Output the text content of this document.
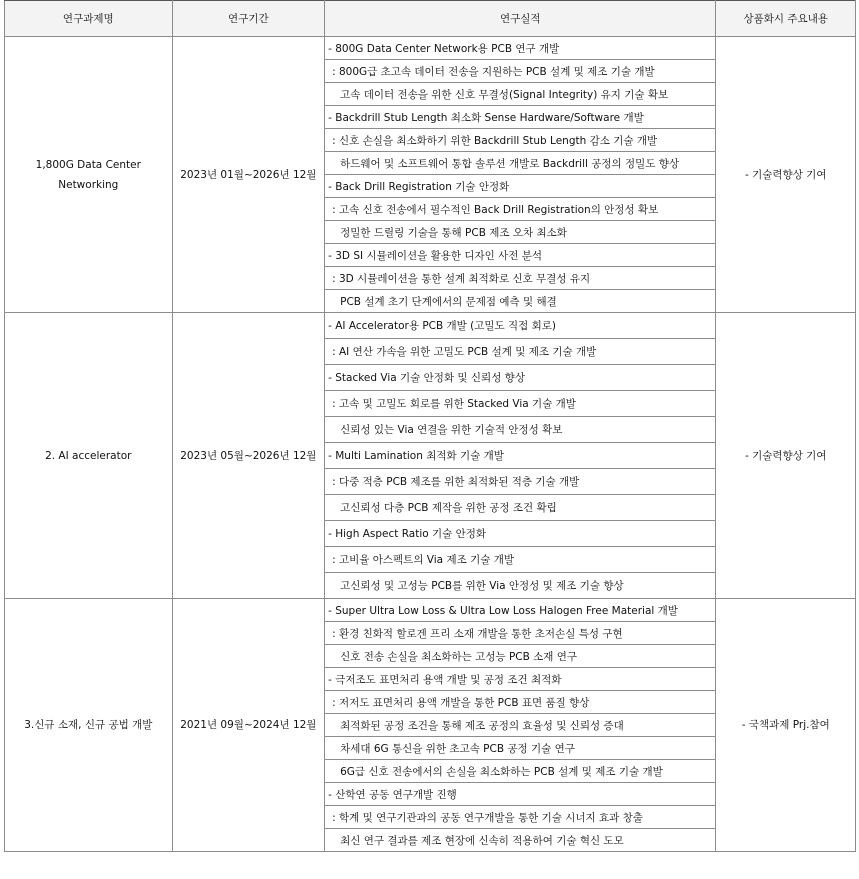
연구과제명	연구기간	연구실적	상품화시 주요내용
1,800G Data Center Networking	2023년 01월~2026년 12월	- 800G Data Center Network용 PCB 연구 개발	- 기술력향상 기여
		: 800G급 초고속 데이터 전송을 지원하는 PCB 설계 및 제조 기술 개발	
		고속 데이터 전송을 위한 신호 무결성(Signal Integrity) 유지 기술 확보	
		- Backdrill Stub Length 최소화 Sense Hardware/Software 개발	
		: 신호 손실을 최소화하기 위한 Backdrill Stub Length 감소 기술 개발	
		하드웨어 및 소프트웨어 통합 솔루션 개발로 Backdrill 공정의 정밀도 향상	
		- Back Drill Registration 기술 안정화	
		: 고속 신호 전송에서 필수적인 Back Drill Registration의 안정성 확보	
		정밀한 드릴링 기술을 통해 PCB 제조 오차 최소화	
		- 3D SI 시뮬레이션을 활용한 디자인 사전 분석	
		: 3D 시뮬레이션을 통한 설계 최적화로 신호 무결성 유지	
		PCB 설계 초기 단계에서의 문제점 예측 및 해결	
2. AI accelerator	2023년 05월~2026년 12월	- AI Accelerator용 PCB 개발 (고밀도 직접 회로)	- 기술력향상 기여
		: AI 연산 가속을 위한 고밀도 PCB 설계 및 제조 기술 개발	
		- Stacked Via 기술 안정화 및 신뢰성 향상	
		: 고속 및 고밀도 회로를 위한 Stacked Via 기술 개발	
		신뢰성 있는 Via 연결을 위한 기술적 안정성 확보	
		- Multi Lamination 최적화 기술 개발	
		: 다중 적층 PCB 제조를 위한 최적화된 적층 기술 개발	
		고신뢰성 다층 PCB 제작을 위한 공정 조건 확립	
		- High Aspect Ratio 기술 안정화	
		: 고비율 아스펙트의 Via 제조 기술 개발	
		고신뢰성 및 고성능 PCB를 위한 Via 안정성 및 제조 기술 향상	
3.신규 소재, 신규 공법 개발	2021년 09월~2024년 12월	- Super Ultra Low Loss & Ultra Low Loss Halogen Free Material 개발	- 국책과제 Prj.참여
		: 환경 친화적 할로겐 프리 소재 개발을 통한 초저손실 특성 구현	
		신호 전송 손실을 최소화하는 고성능 PCB 소재 연구	
		- 극저조도 표면처리 용액 개발 및 공정 조건 최적화	
		: 저저도 표면처리 용액 개발을 통한 PCB 표면 품질 향상	
		최적화된 공정 조건을 통해 제조 공정의 효율성 및 신뢰성 증대	
		차세대 6G 통신을 위한 초고속 PCB 공정 기술 연구	
		6G급 신호 전송에서의 손실을 최소화하는 PCB 설계 및 제조 기술 개발	
		- 산학연 공동 연구개발 진행	
		: 학계 및 연구기관과의 공동 연구개발을 통한 기술 시너지 효과 창출	
		최신 연구 결과를 제조 현장에 신속히 적용하여 기술 혁신 도모	
